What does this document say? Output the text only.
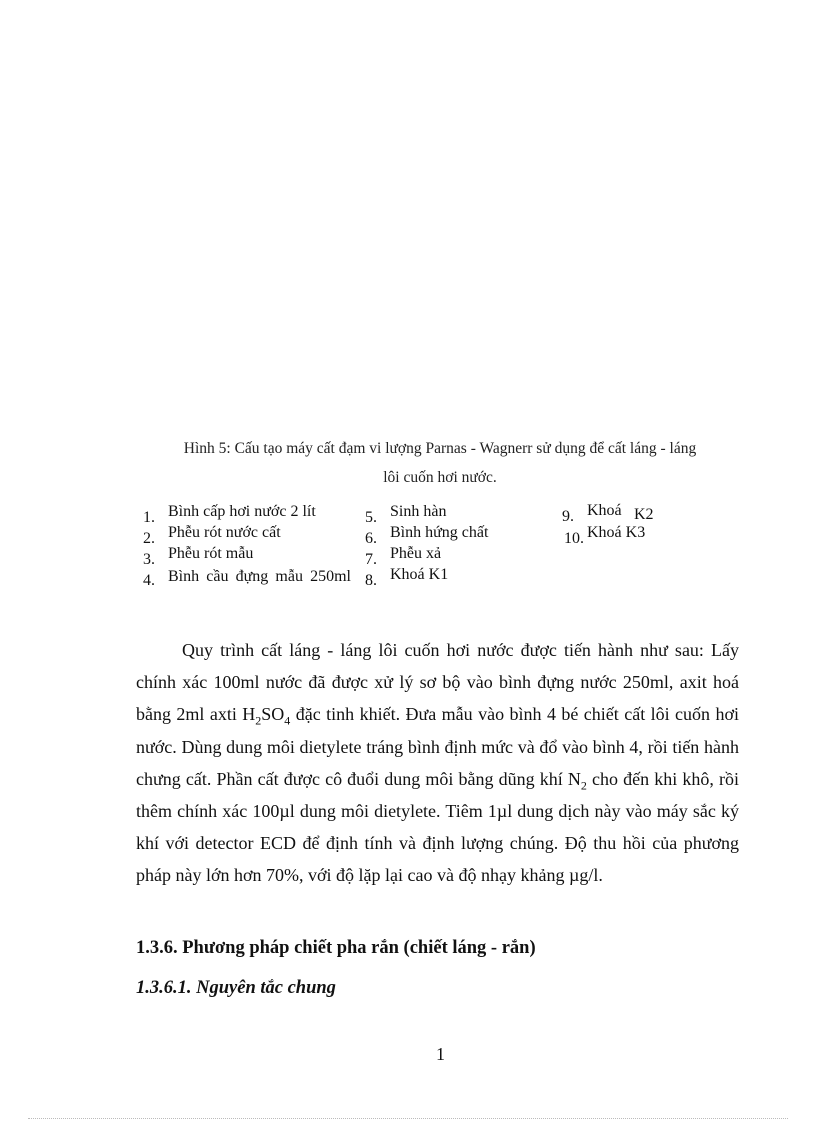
Hình 5: Cấu tạo máy cất đạm vi lượng Parnas - Wagnerr sử dụng để cất láng - láng
lôi cuốn hơi nước.
1. Bình cấp hơi nước 2 lít
2. Phễu rót nước cất
3. Phễu rót mẫu
4. Bình cầu đựng mẫu 250ml
5. Sinh hàn
6. Bình hứng chất
7. Phễu xả
8. Khoá K1
9. Khoá K2
10. Khoá K3

Quy trình cất láng - láng lôi cuốn hơi nước được tiến hành như sau: Lấy chính xác 100ml nước đã được xử lý sơ bộ vào bình đựng nước 250ml, axit hoá bằng 2ml axti $H_2SO_4$ đặc tinh khiết. Đưa mẫu vào bình 4 bé chiết cất lôi cuốn hơi nước. Dùng dung môi dietylete tráng bình định mức và đổ vào bình 4, rồi tiến hành chưng cất. Phần cất được cô đuổi dung môi bằng dũng khí $N_2$ cho đến khi khô, rồi thêm chính xác 100µl dung môi dietylete. Tiêm 1µl dung dịch này vào máy sắc ký khí với detector ECD để định tính và định lượng chúng. Độ thu hồi của phương pháp này lớn hơn 70%, với độ lặp lại cao và độ nhạy khảng µg/l.

1.3.6. Phương pháp chiết pha rắn (chiết láng - rắn)
1.3.6.1. Nguyên tắc chung
1
